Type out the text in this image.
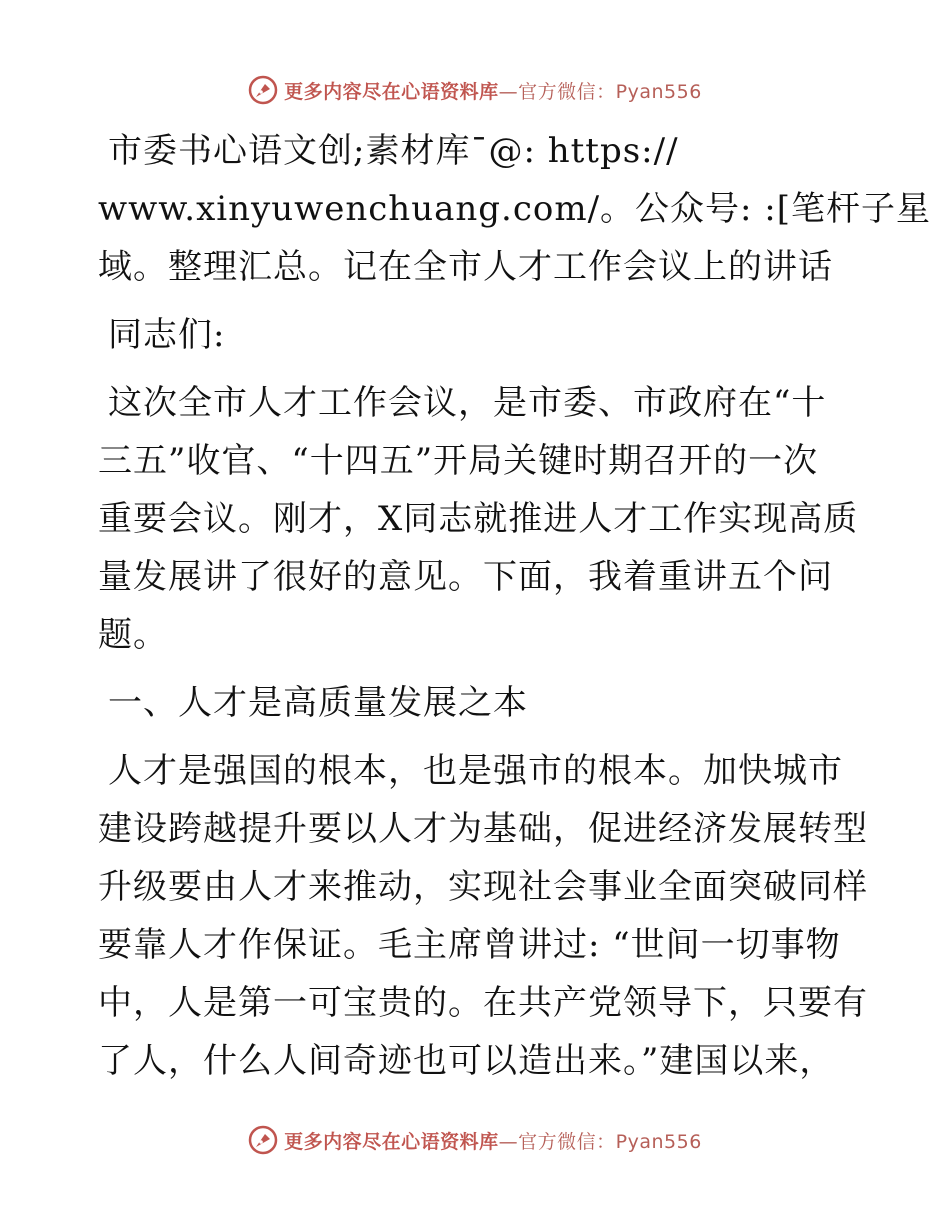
更多内容尽在心语资料库—官方微信：Pyan556

市委书心语文创;素材库¯@: https://
www.xinyuwenchuang.com/。公众号: :[笔杆子星
域。整理汇总。记在全市人才工作会议上的讲话

同志们:

这次全市人才工作会议，是市委、市政府在“十
三五”收官、“十四五”开局关键时期召开的一次
重要会议。刚才，X同志就推进人才工作实现高质
量发展讲了很好的意见。下面，我着重讲五个问
题。

一、人才是高质量发展之本

人才是强国的根本，也是强市的根本。加快城市
建设跨越提升要以人才为基础，促进经济发展转型
升级要由人才来推动，实现社会事业全面突破同样
要靠人才作保证。毛主席曾讲过: “世间一切事物
中，人是第一可宝贵的。在共产党领导下，只要有
了人，什么人间奇迹也可以造出来。”建国以来，

更多内容尽在心语资料库—官方微信：Pyan556
